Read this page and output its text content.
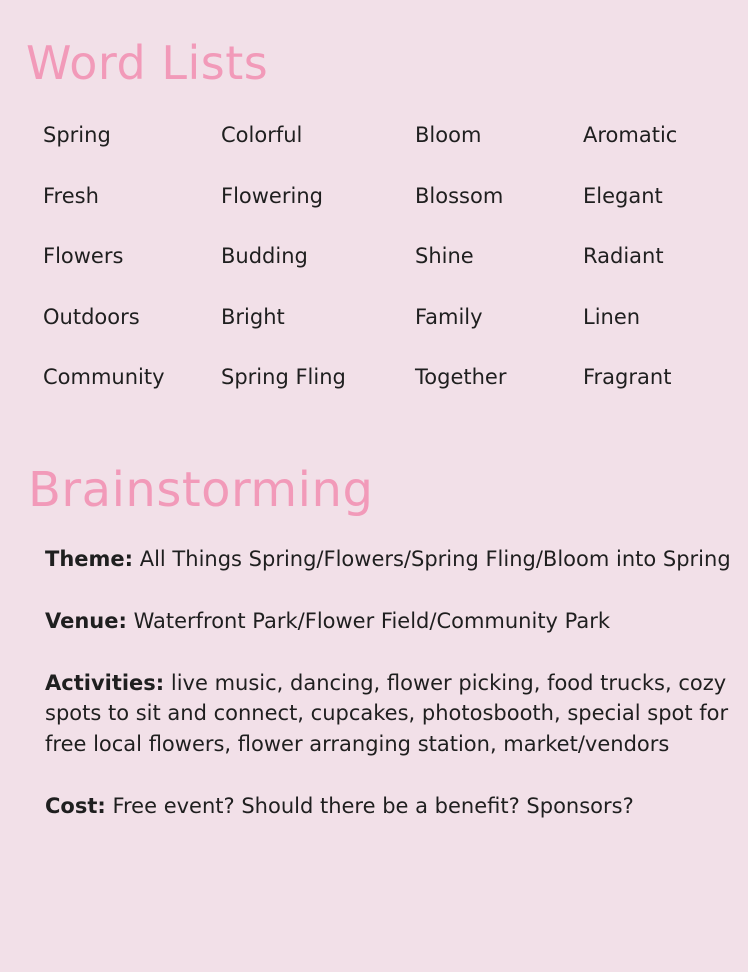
Word Lists
Spring	Colorful	Bloom	Aromatic
Fresh	Flowering	Blossom	Elegant
Flowers	Budding	Shine	Radiant
Outdoors	Bright	Family	Linen
Community	Spring Fling	Together	Fragrant
Brainstorming

Theme: All Things Spring/Flowers/Spring Fling/Bloom into Spring

Venue: Waterfront Park/Flower Field/Community Park

Activities: live music, dancing, flower picking, food trucks, cozy spots to sit and connect, cupcakes, photosbooth, special spot for free local flowers, flower arranging station, market/vendors

Cost: Free event? Should there be a benefit? Sponsors?
